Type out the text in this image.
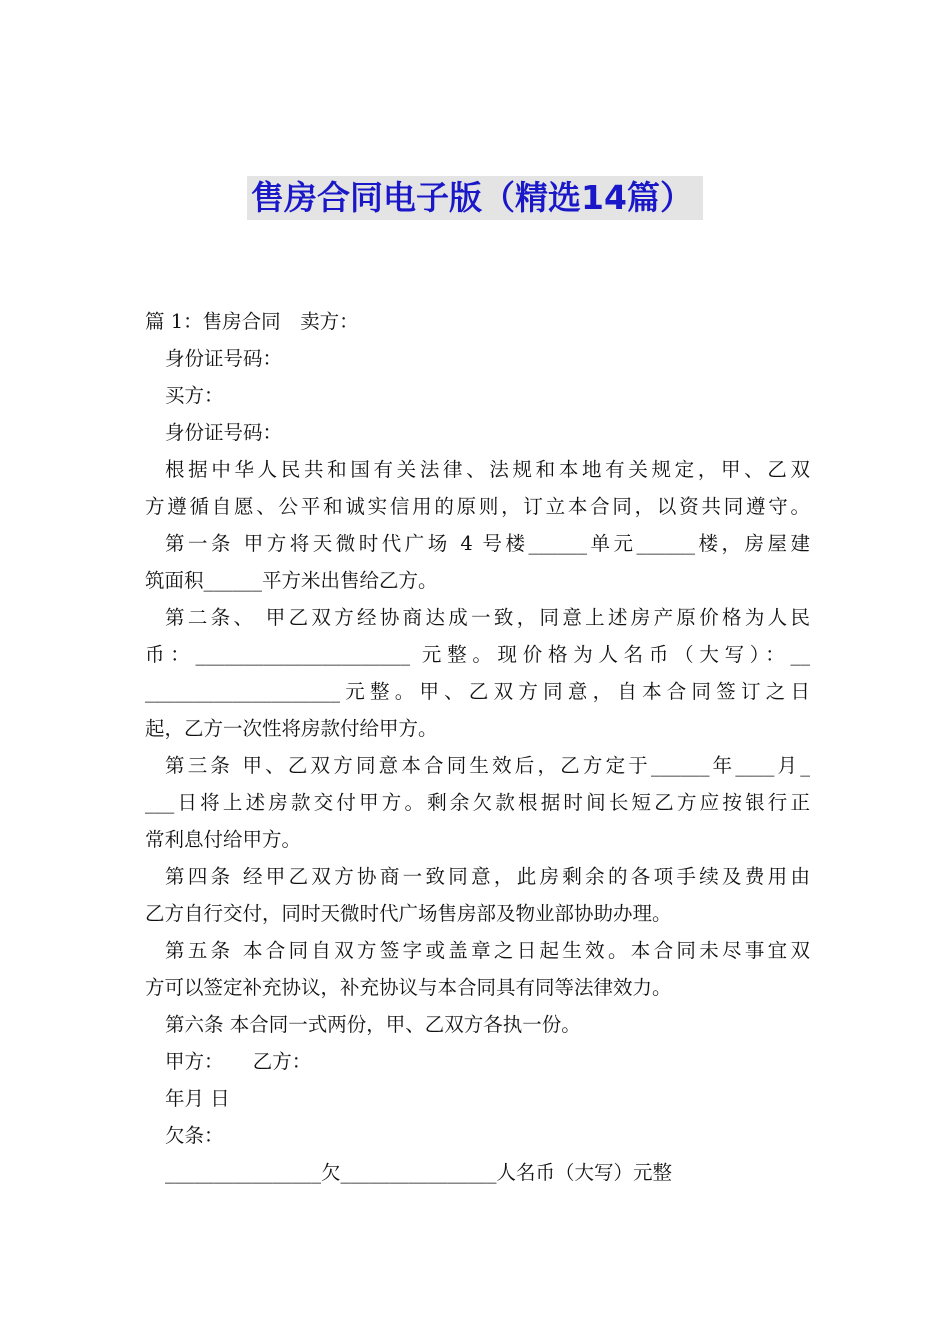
售房合同电子版（精选14篇）
篇 1：售房合同　卖方：
身份证号码：
买方：
身份证号码：
根据中华人民共和国有关法律、法规和本地有关规定，甲、乙双
方遵循自愿、公平和诚实信用的原则，订立本合同，以资共同遵守。
第一条 甲方将天微时代广场 4 号楼______单元______楼，房屋建
筑面积______平方米出售给乙方。
第二条、 甲乙双方经协商达成一致，同意上述房产原价格为人民
币：______________________ 元整。现价格为人名币（大写）：__
____________________元整。甲、乙双方同意，自本合同签订之日
起，乙方一次性将房款付给甲方。
第三条 甲、乙双方同意本合同生效后，乙方定于______年____月_
___日将上述房款交付甲方。剩余欠款根据时间长短乙方应按银行正
常利息付给甲方。
第四条 经甲乙双方协商一致同意，此房剩余的各项手续及费用由
乙方自行交付，同时天微时代广场售房部及物业部协助办理。
第五条 本合同自双方签字或盖章之日起生效。本合同未尽事宜双
方可以签定补充协议，补充协议与本合同具有同等法律效力。
第六条 本合同一式两份，甲、乙双方各执一份。
甲方：　　乙方：
年月 日
欠条：
________________欠________________人名币（大写）元整
